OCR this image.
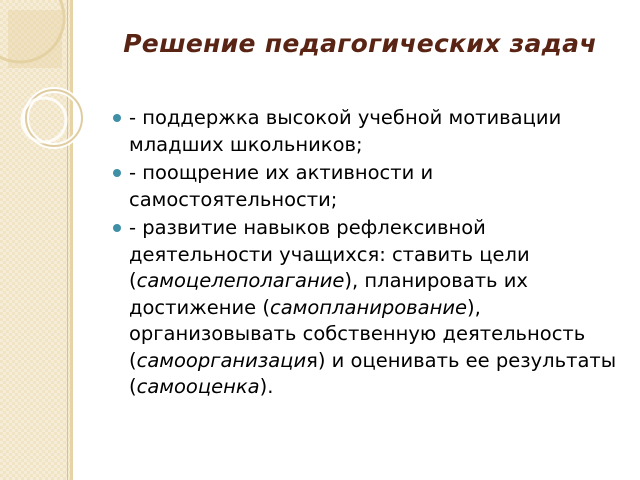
Решение педагогических задач
- поддержка высокой учебной мотивации младших школьников;
- поощрение их активности и самостоятельности;
- развитие навыков рефлексивной деятельности учащихся: ставить цели (самоцелеполагание), планировать их достижение (самопланирование), организовывать собственную деятельность (самоорганизация) и оценивать ее результаты (самооценка).
